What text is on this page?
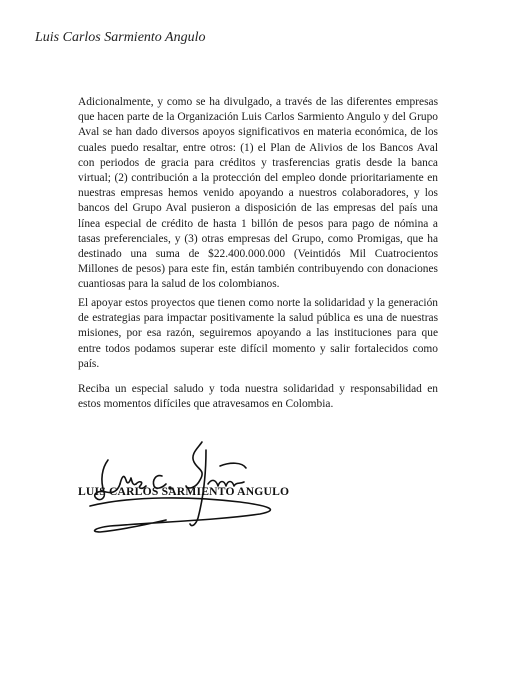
Luis Carlos Sarmiento Angulo

Adicionalmente, y como se ha divulgado, a través de las diferentes empresas que hacen parte de la Organización Luis Carlos Sarmiento Angulo y del Grupo Aval se han dado diversos apoyos significativos en materia económica, de los cuales puedo resaltar, entre otros: (1) el Plan de Alivios de los Bancos Aval con periodos de gracia para créditos y trasferencias gratis desde la banca virtual; (2) contribución a la protección del empleo donde prioritariamente en nuestras empresas hemos venido apoyando a nuestros colaboradores, y los bancos del Grupo Aval pusieron a disposición de las empresas del país una línea especial de crédito de hasta 1 billón de pesos para pago de nómina a tasas preferenciales, y (3) otras empresas del Grupo, como Promigas, que ha destinado una suma de $22.400.000.000 (Veintidós Mil Cuatrocientos Millones de pesos) para este fin, están también contribuyendo con donaciones cuantiosas para la salud de los colombianos.

El apoyar estos proyectos que tienen como norte la solidaridad y la generación de estrategias para impactar positivamente la salud pública es una de nuestras misiones, por esa razón, seguiremos apoyando a las instituciones para que entre todos podamos superar este difícil momento y salir fortalecidos como país.

Reciba un especial saludo y toda nuestra solidaridad y responsabilidad en estos momentos difíciles que atravesamos en Colombia.

LUIS CARLOS SARMIENTO ANGULO
